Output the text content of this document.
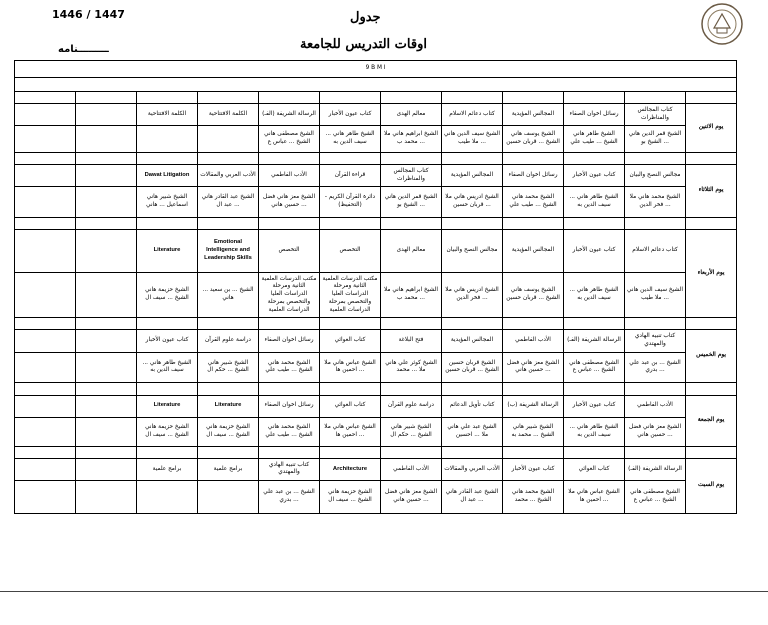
1446 / 1447	جدول
اوقات التدريس للجامعة
ـــــــــنامه
9 B M I											

		الكلمة الافتتاحية	الكلمة الافتتاحية	الرسالة الشريفة (الفـ)	كتاب عيون الأخبار	معالم الهدى	كتاب دعائم الاسلام	المجالس المؤيدية	رسائل اخوان الصفاء	كتاب المجالس والمناظرات	يوم الاثنين
				الشيخ مصطفى هاني الشيخ ... عباس ع	الشيخ طاهر هاني ... سيف الدين به	الشيخ ابراهيم هاني ملا ... محمد ب	الشيخ سيف الدين هاني ... ملا طيب	الشيخ يوسف هاني الشيخ ... قربان حسين	الشيخ طاهر هاني الشيخ ... طيب علي	الشيخ قمر الدين هاني ... الشيخ بو	

		Dawat Litigation	الأدب العربي والمقالات	الأدب الفاطمي	قراءة القرآن	كتاب المجالس والمناظرات	المجالس المؤيدية	رسائل اخوان الصفاء	كتاب عيون الأخبار	مجالس النصح والبيان	يوم الثلاثاء
		الشيخ شبير هاني اسماعيل ... هاني	الشيخ عبد القادر هاني ... عبد ال	الشيخ معز هاني فضل ... حسين هاني	دائرة القرآن الكريم - (التحفيظ)	الشيخ قمر الدين هاني ... الشيخ بو	الشيخ ادريس هاني ملا ... قربان حسين	الشيخ محمد هاني الشيخ ... طيب علي	الشيخ طاهر هاني ... سيف الدين به	الشيخ محمد هاني ملا ... فخر الدين	

		Literature	Emotional Intelligence and Leadership Skills	التخصص	التخصص	معالم الهدى	مجالس النصح والبيان	المجالس المؤيدية	كتاب عيون الأخبار	كتاب دعائم الاسلام	يوم الأربعاء
		الشيخ حزيمة هاني الشيخ ... سيف ال	الشيخ ... بن سعيد ... هاني	مكتب الدرسات العلمية الثانية ومرحلة الدراسات العليا والتخصص بمرحلة الدراسات العلمية	مكتب الدرسات العلمية الثانية ومرحلة الدراسات العليا والتخصص بمرحلة الدراسات العلمية	الشيخ ابراهيم هاني ملا ... محمد ب	الشيخ ادريس هاني ملا ... فخر الدين	الشيخ يوسف هاني الشيخ ... قربان حسين	الشيخ طاهر هاني ... سيف الدين به	الشيخ سيف الدين هاني ... ملا طيب	

		كتاب عيون الأخبار	دراسة علوم القرآن	رسائل اخوان الصفاء	كتاب الغوائي	فتح البلاغة	المجالس المؤيدية	الأدب الفاطمي	الرسالة الشريفة (الفـ)	كتاب تنبيه الهادي والمهتدي	يوم الخميس
		الشيخ طاهر هاني ... سيف الدين به	الشيخ شبير هاني الشيخ ... حكم ال	الشيخ محمد هاني الشيخ ... طيب علي	الشيخ عباس هاني ملا ... احمين ها	الشيخ كوثر علي هاني ملا ... محمد	الشيخ قربان حسين الشيخ ... قربان حسين	الشيخ معز هاني فضل ... حسين هاني	الشيخ مصطفى هاني الشيخ ... عباس ع	الشيخ ... بن عبد علي ... بدري	

		Literature	Literature	رسائل اخوان الصفاء	كتاب الغوائي	دراسة علوم القرآن	كتاب تأويل الدعائم	الرسالة الشريفة (ب)	كتاب عيون الأخبار	الأدب الفاطمي	يوم الجمعة
		الشيخ حزيمة هاني الشيخ ... سيف ال	الشيخ حزيمة هاني الشيخ ... سيف ال	الشيخ محمد هاني الشيخ ... طيب علي	الشيخ عباس هاني ملا ... احمين ها	الشيخ شبير هاني الشيخ ... حكم ال	الشيخ عبد علي هاني ملا ... احسين	الشيخ شبير هاني الشيخ ... محمد به	الشيخ طاهر هاني ... سيف الدين به	الشيخ معز هاني فضل ... حسين هاني	

		برامج علمية	برامج علمية	كتاب تنبيه الهادي والمهتدي	Architecture	الأدب الفاطمي	الأدب العربي والمقالات	كتاب عيون الأخبار	كتاب الغوائي	الرسالة الشريفة (الفـ)	يوم السبت
				الشيخ ... بن عبد علي ... بدري	الشيخ حزيمة هاني الشيخ ... سيف ال	الشيخ معز هاني فضل ... حسين هاني	الشيخ عبد القادر هاني ... عبد ال	الشيخ محمد هاني الشيخ ... محمد	الشيخ عباس هاني ملا ... احمين ها	الشيخ مصطفى هاني الشيخ ... عباس ع	
